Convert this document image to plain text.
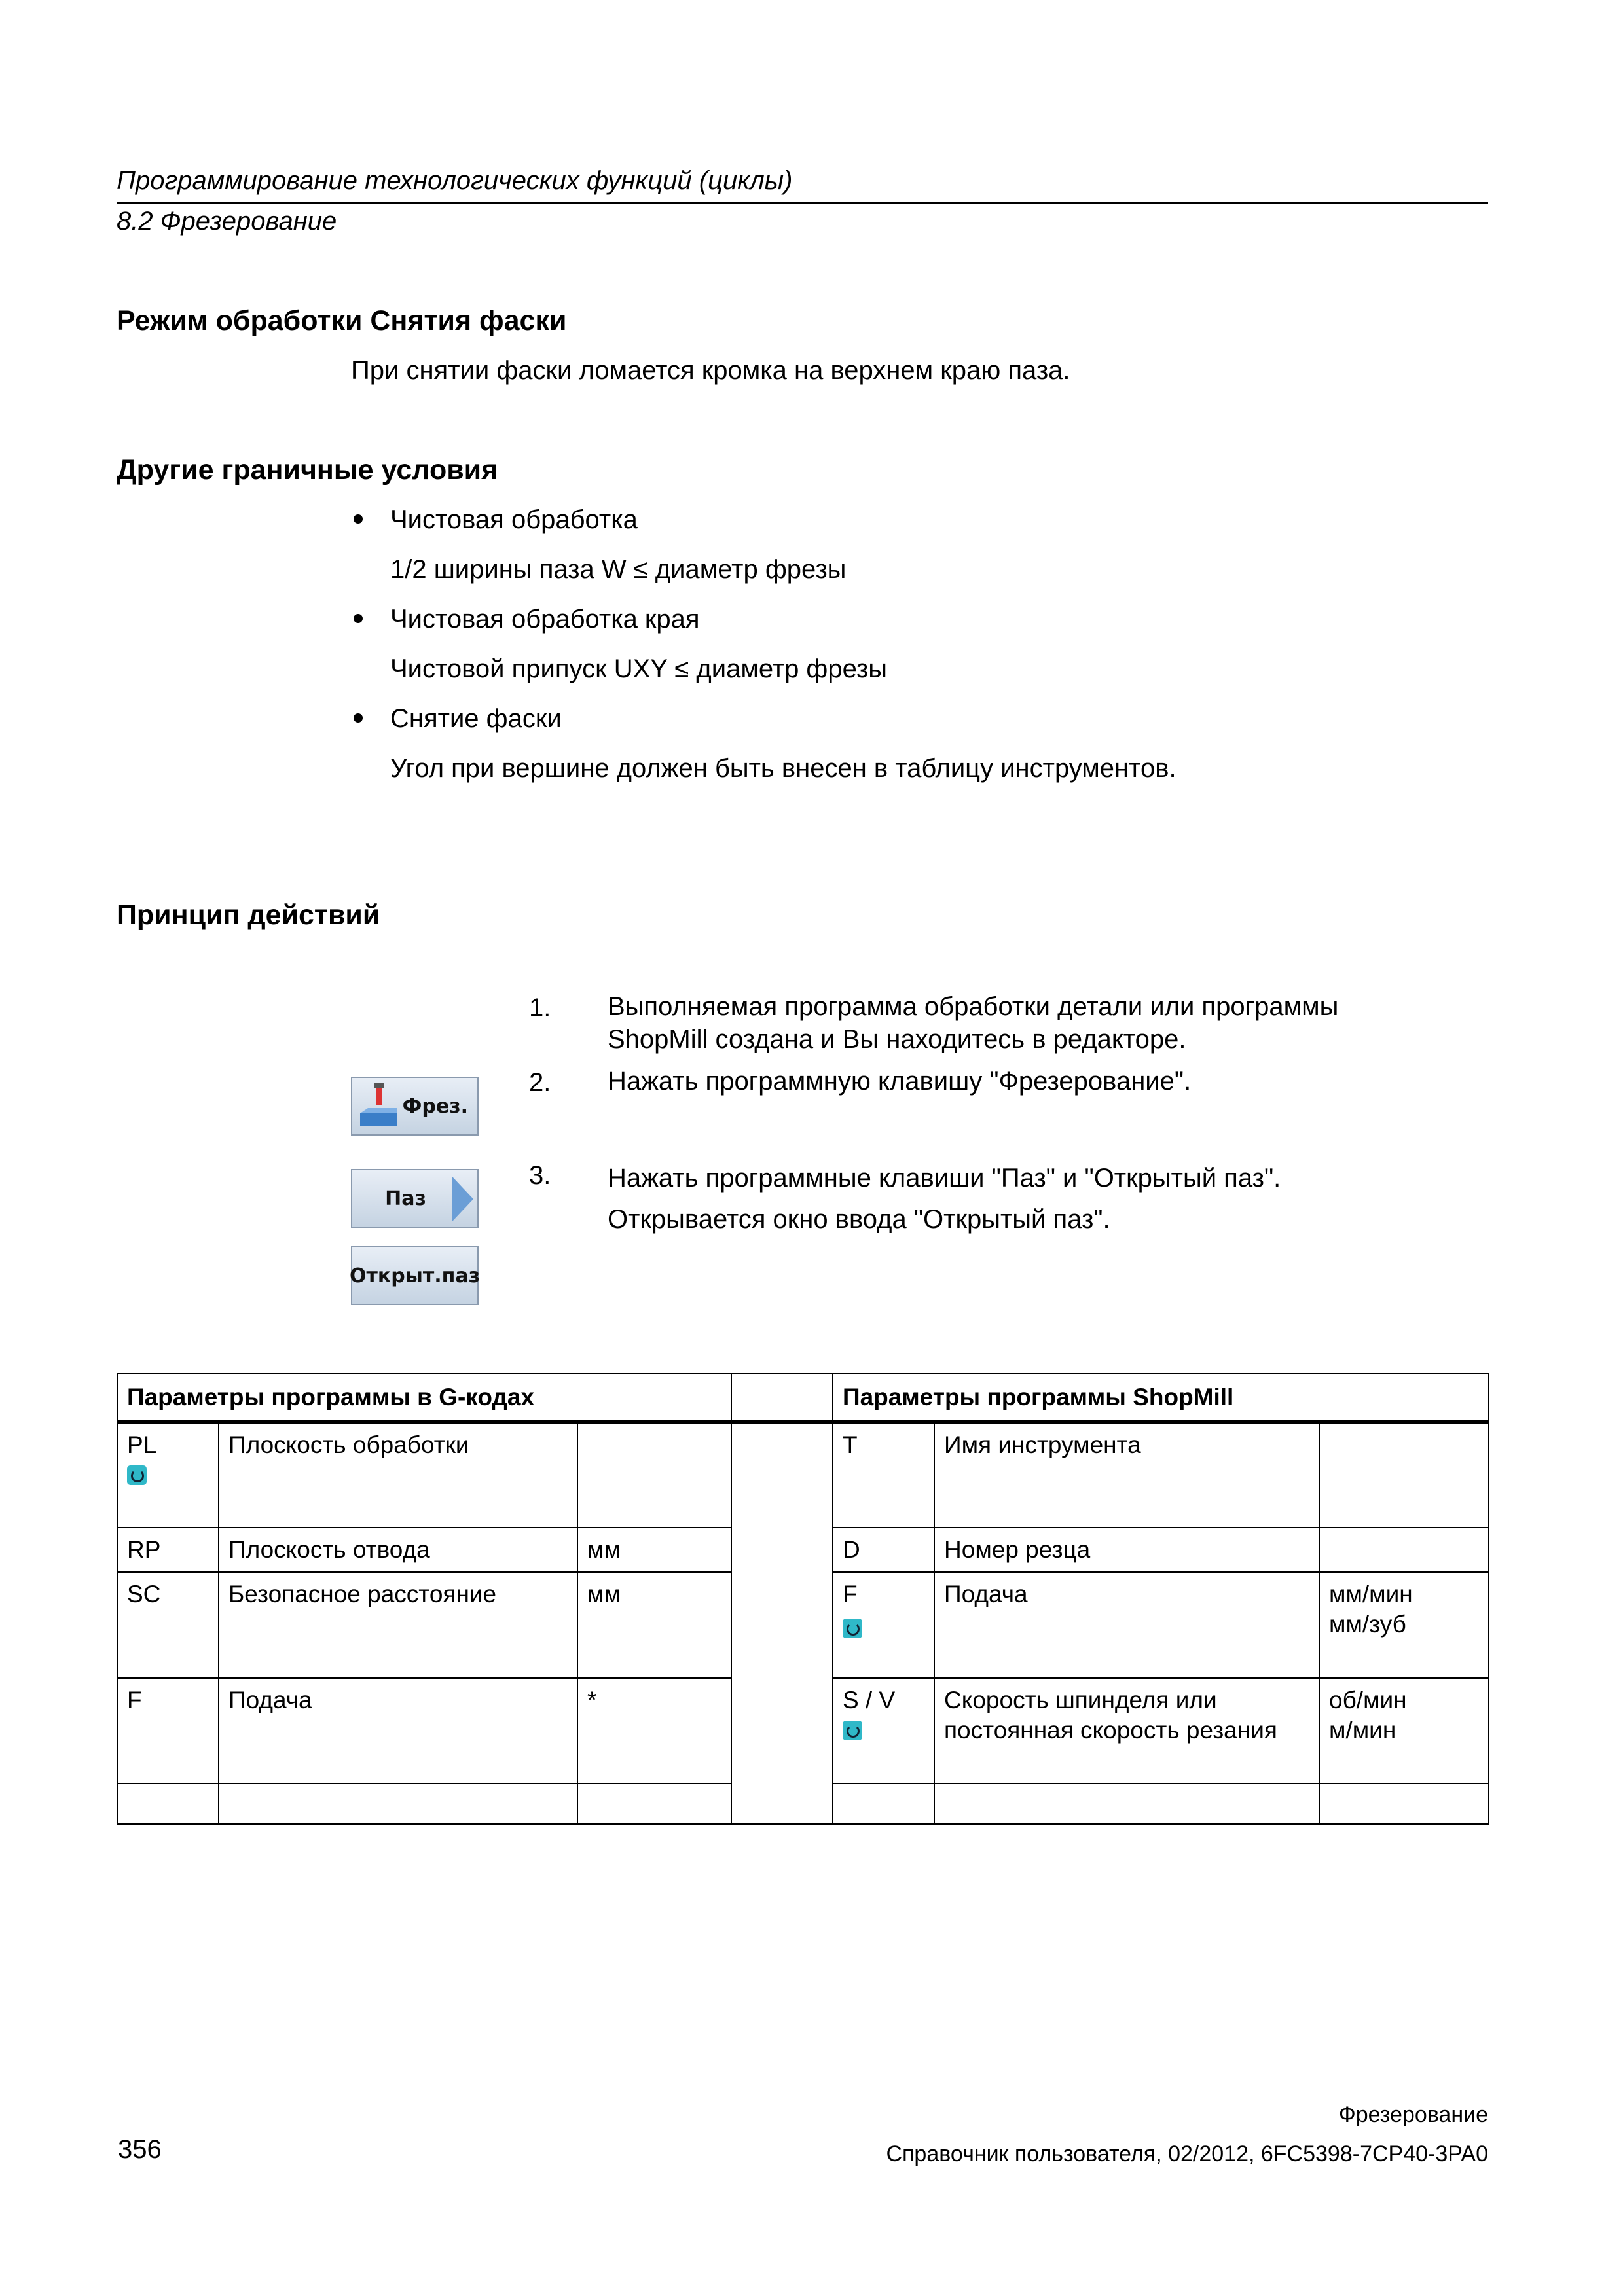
Программирование технологических функций (циклы)
8.2 Фрезерование
Режим обработки Снятия фаски
При снятии фаски ломается кромка на верхнем краю паза.
Другие граничные условия
Чистовая обработка
1/2 ширины паза W ≤ диаметр фрезы
Чистовая обработка края
Чистовой припуск UXY ≤ диаметр фрезы
Снятие фаски
Угол при вершине должен быть внесен в таблицу инструментов.
Принцип действий
1. Выполняемая программа обработки детали или программы
ShopMill создана и Вы находитесь в редакторе.
2. Нажать программную клавишу "Фрезерование".
3. Нажать программные клавиши "Паз" и "Открытый паз".
Открывается окно ввода "Открытый паз".
Фрез.
Паз
Открыт.паз
Параметры программы в G-кодах				Параметры программы ShopMill		

PL	Плоскость обработки			T	Имя инструмента	
RP	Плоскость отвода	мм		D	Номер резца	
SC	Безопасное расстояние	мм		F	Подача	мм/мин
мм/зуб
F	Подача	*		S / V	Скорость шпинделя или
постоянная скорость резания	об/мин
м/мин

Фрезерование
356	Справочник пользователя, 02/2012, 6FC5398-7CP40-3PA0
